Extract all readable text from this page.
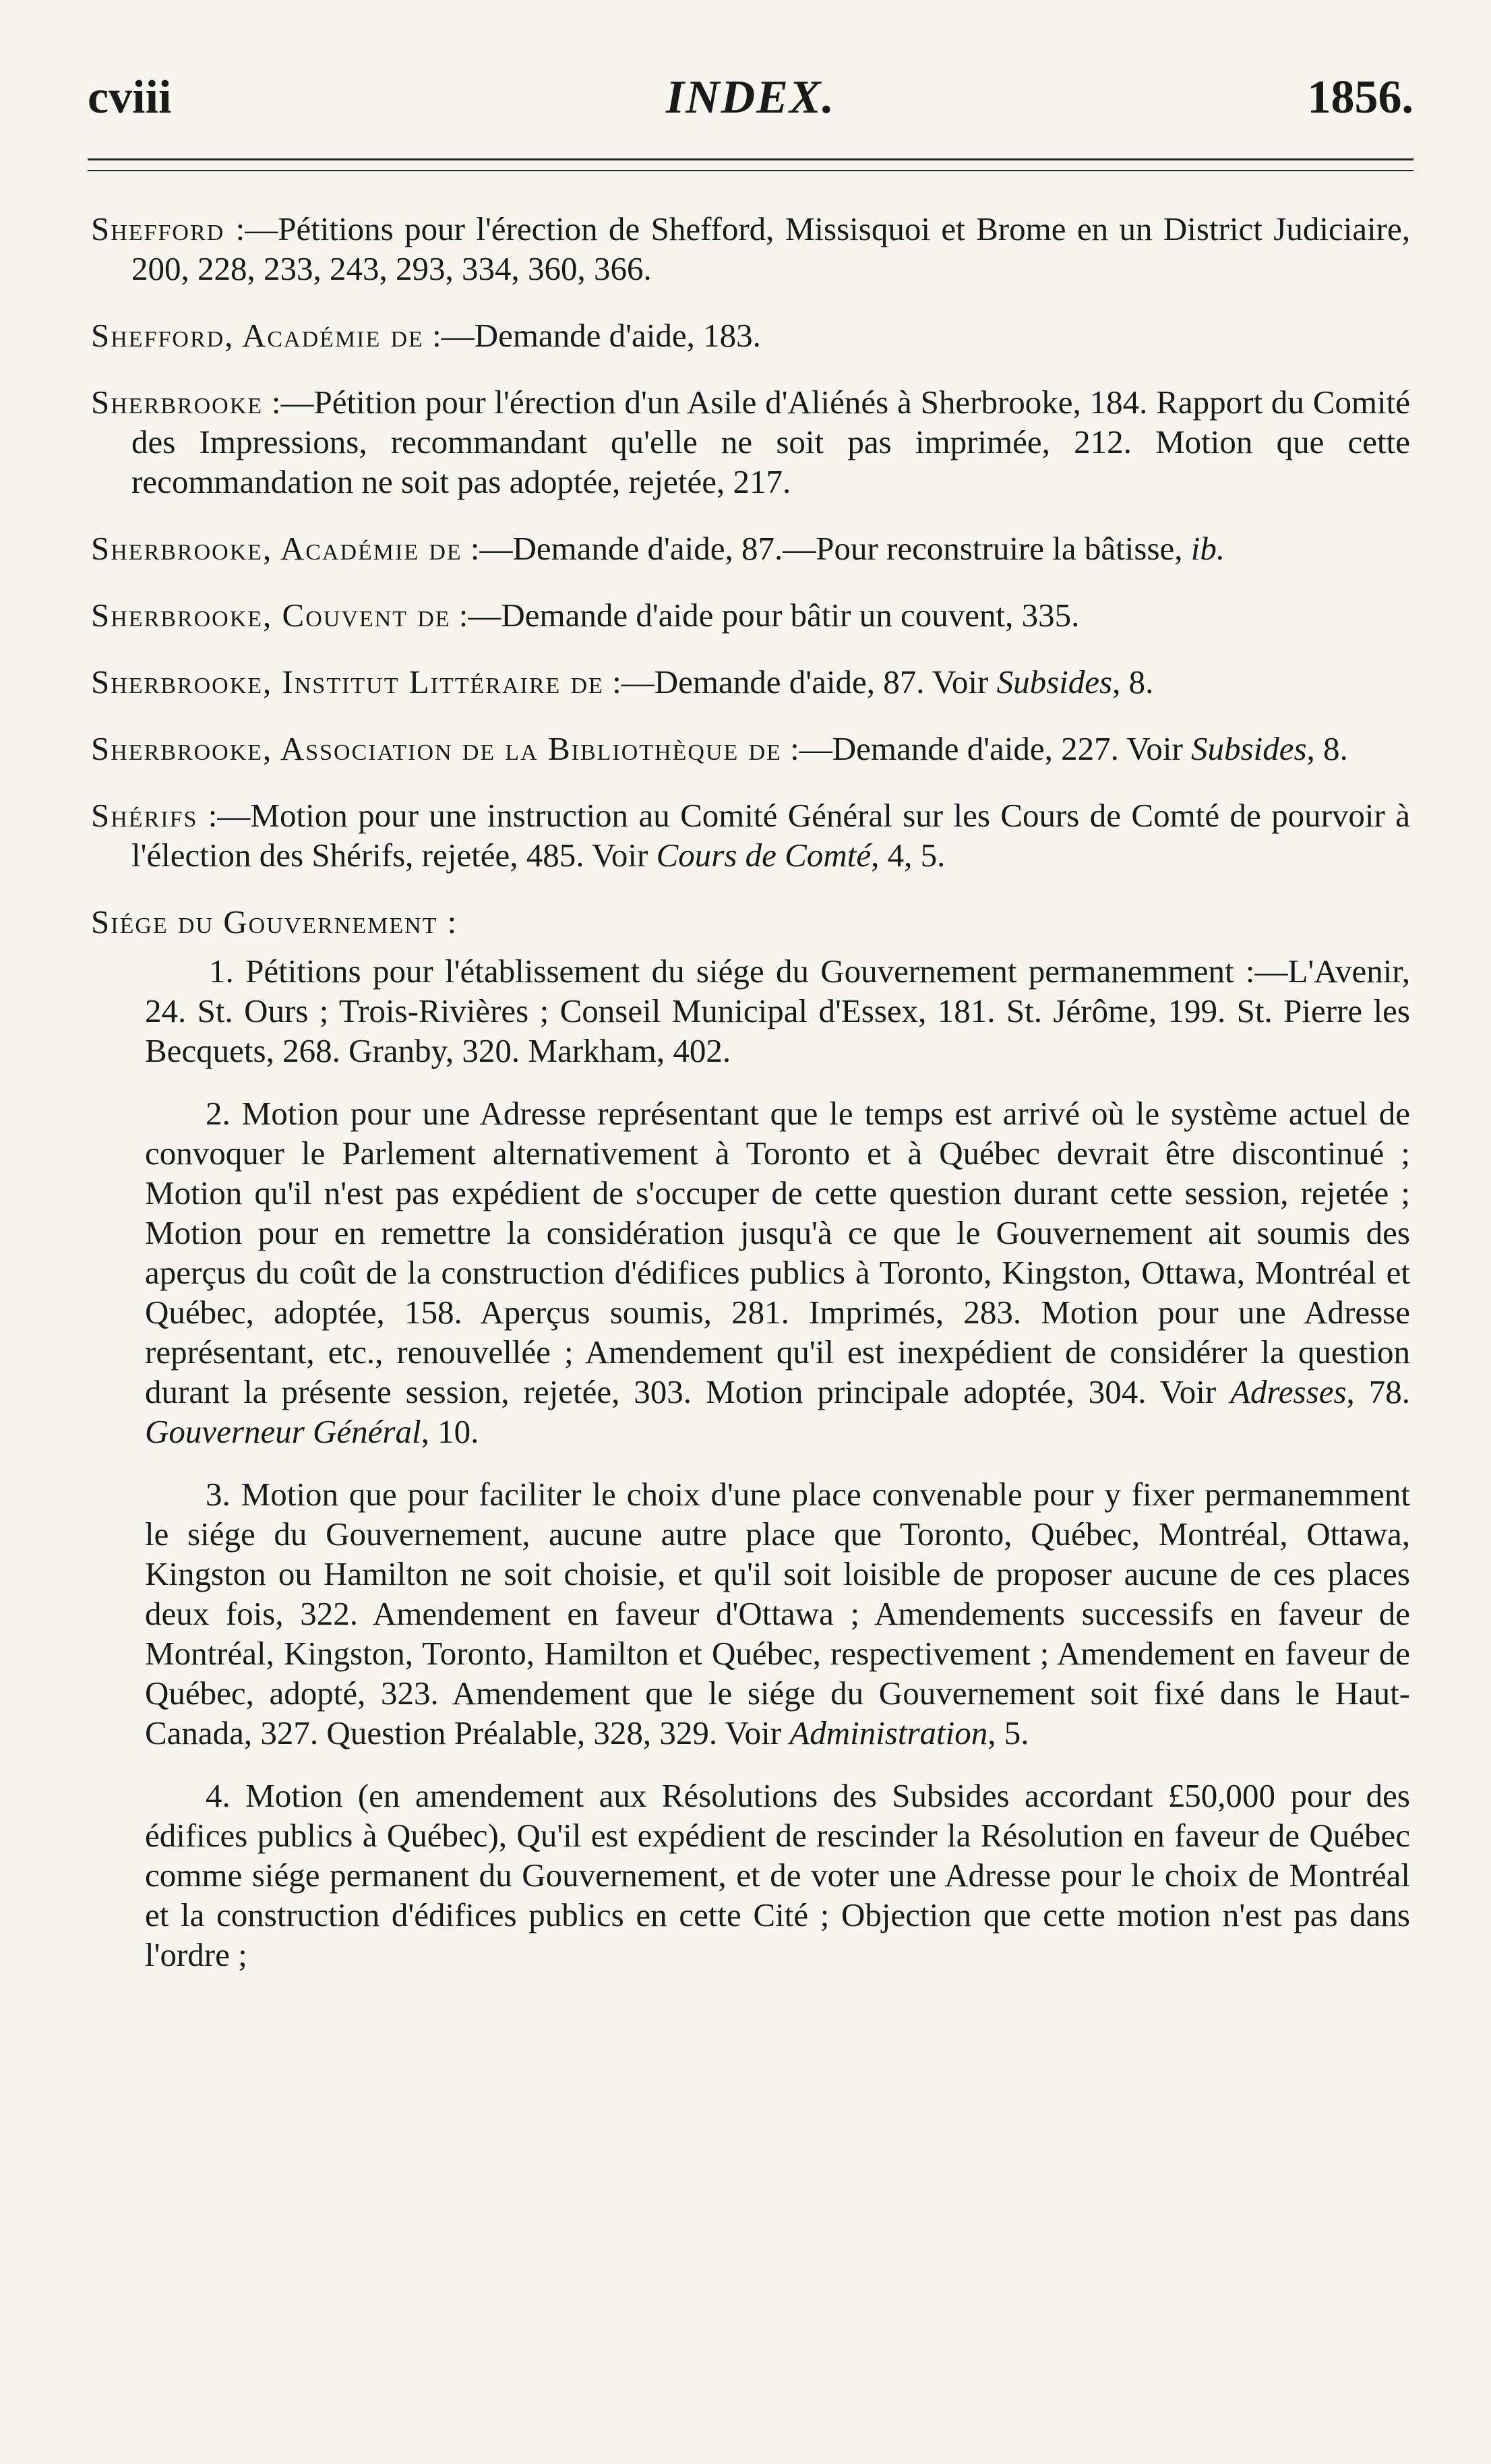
cviii	INDEX.	1856.

Shefford :—Pétitions pour l'érection de Shefford, Missisquoi et Brome en un District Judiciaire, 200, 228, 233, 243, 293, 334, 360, 366.

Shefford, Académie de :—Demande d'aide, 183.

Sherbrooke :—Pétition pour l'érection d'un Asile d'Aliénés à Sherbrooke, 184. Rapport du Comité des Impressions, recommandant qu'elle ne soit pas imprimée, 212. Motion que cette recommandation ne soit pas adoptée, rejetée, 217.

Sherbrooke, Académie de :—Demande d'aide, 87.—Pour reconstruire la bâtisse, ib.

Sherbrooke, Couvent de :—Demande d'aide pour bâtir un couvent, 335.

Sherbrooke, Institut Littéraire de :—Demande d'aide, 87. Voir Subsides, 8.

Sherbrooke, Association de la Bibliothèque de :—Demande d'aide, 227. Voir Subsides, 8.

Shérifs :—Motion pour une instruction au Comité Général sur les Cours de Comté de pourvoir à l'élection des Shérifs, rejetée, 485. Voir Cours de Comté, 4, 5.

Siége du Gouvernement :

1. Pétitions pour l'établissement du siége du Gouvernement permanemment :—L'Avenir, 24. St. Ours ; Trois-Rivières ; Conseil Municipal d'Essex, 181. St. Jérôme, 199. St. Pierre les Becquets, 268. Granby, 320. Markham, 402.

2. Motion pour une Adresse représentant que le temps est arrivé où le système actuel de convoquer le Parlement alternativement à Toronto et à Québec devrait être discontinué ; Motion qu'il n'est pas expédient de s'occuper de cette question durant cette session, rejetée ; Motion pour en remettre la considération jusqu'à ce que le Gouvernement ait soumis des aperçus du coût de la construction d'édifices publics à Toronto, Kingston, Ottawa, Montréal et Québec, adoptée, 158. Aperçus soumis, 281. Imprimés, 283. Motion pour une Adresse représentant, etc., renouvellée ; Amendement qu'il est inexpédient de considérer la question durant la présente session, rejetée, 303. Motion principale adoptée, 304. Voir Adresses, 78. Gouverneur Général, 10.

3. Motion que pour faciliter le choix d'une place convenable pour y fixer permanemment le siége du Gouvernement, aucune autre place que Toronto, Québec, Montréal, Ottawa, Kingston ou Hamilton ne soit choisie, et qu'il soit loisible de proposer aucune de ces places deux fois, 322. Amendement en faveur d'Ottawa ; Amendements successifs en faveur de Montréal, Kingston, Toronto, Hamilton et Québec, respectivement ; Amendement en faveur de Québec, adopté, 323. Amendement que le siége du Gouvernement soit fixé dans le Haut-Canada, 327. Question Préalable, 328, 329. Voir Administration, 5.

4. Motion (en amendement aux Résolutions des Subsides accordant £50,000 pour des édifices publics à Québec), Qu'il est expédient de rescinder la Résolution en faveur de Québec comme siége permanent du Gouvernement, et de voter une Adresse pour le choix de Montréal et la construction d'édifices publics en cette Cité ; Objection que cette motion n'est pas dans l'ordre ;
